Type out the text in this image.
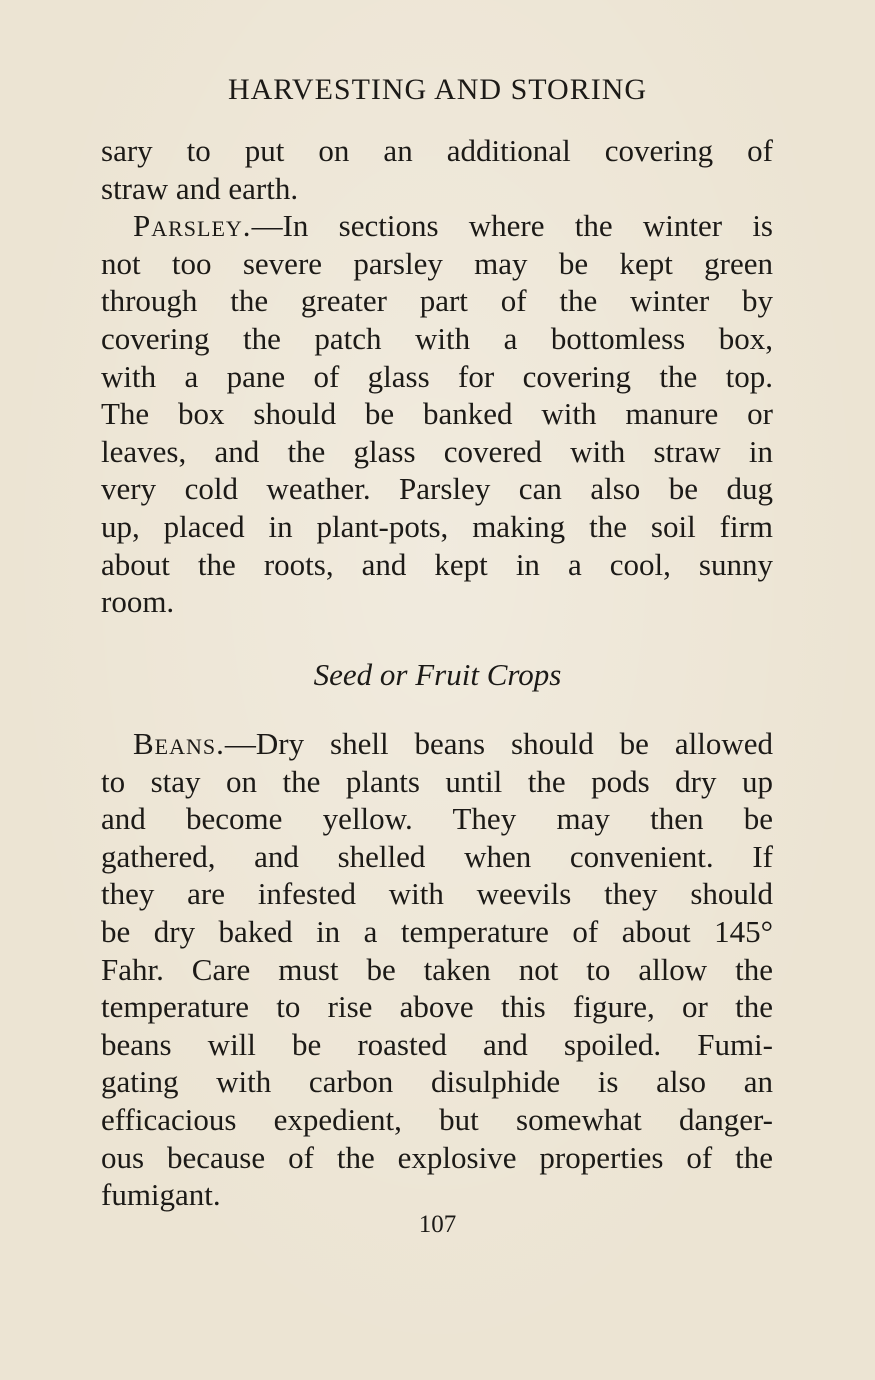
HARVESTING AND STORING

sary to put on an additional covering of
straw and earth.

Parsley.—In sections where the winter is
not too severe parsley may be kept green
through the greater part of the winter by
covering the patch with a bottomless box,
with a pane of glass for covering the top.
The box should be banked with manure or
leaves, and the glass covered with straw in
very cold weather. Parsley can also be dug
up, placed in plant-pots, making the soil firm
about the roots, and kept in a cool, sunny
room.

Seed or Fruit Crops

Beans.—Dry shell beans should be allowed
to stay on the plants until the pods dry up
and become yellow. They may then be
gathered, and shelled when convenient. If
they are infested with weevils they should
be dry baked in a temperature of about 145°
Fahr. Care must be taken not to allow the
temperature to rise above this figure, or the
beans will be roasted and spoiled. Fumi-
gating with carbon disulphide is also an
efficacious expedient, but somewhat danger-
ous because of the explosive properties of the
fumigant.

107
